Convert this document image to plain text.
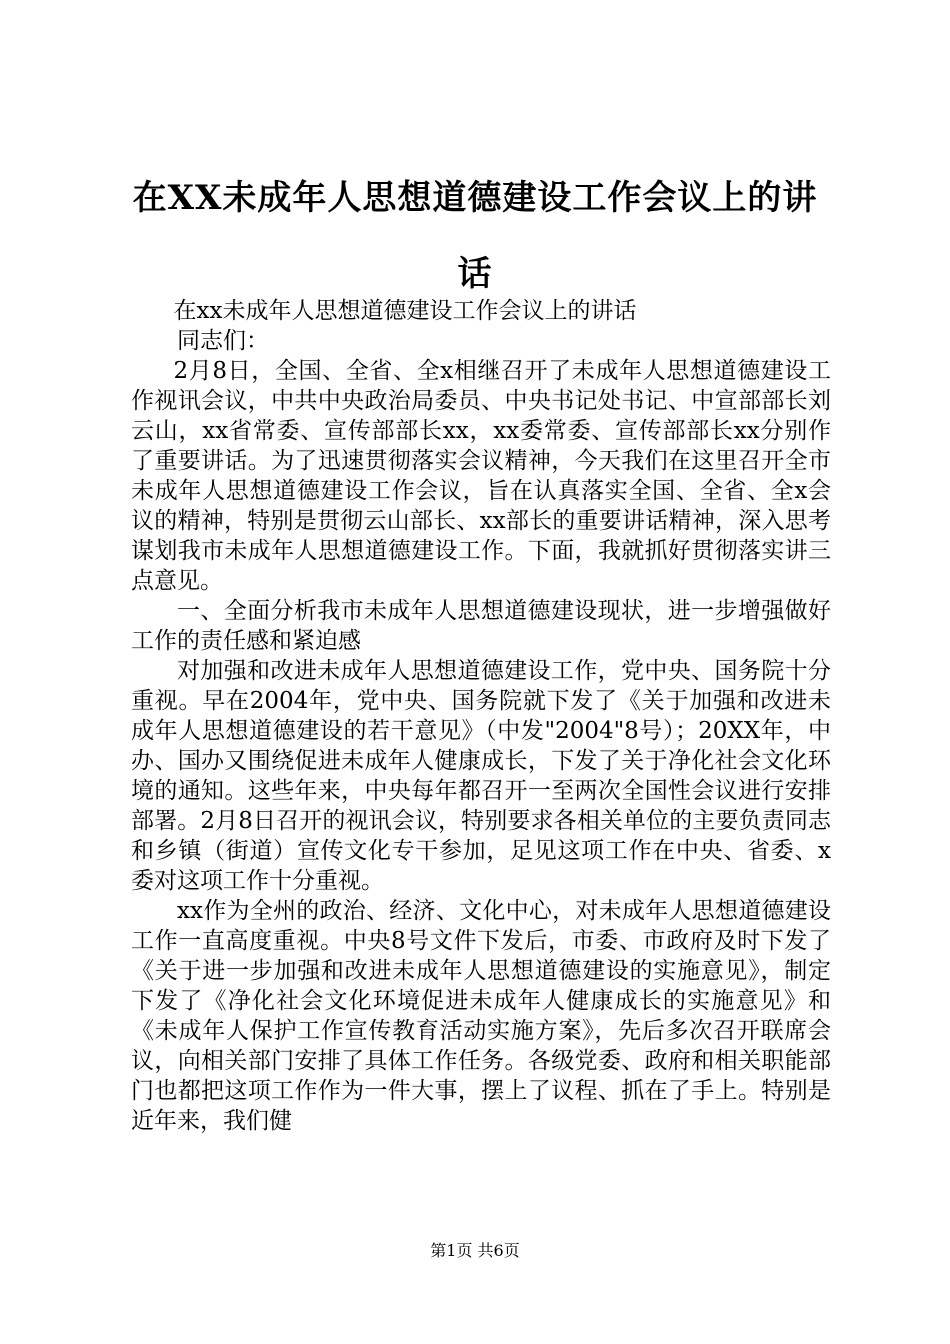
在XX未成年人思想道德建设工作会议上的讲话

在xx未成年人思想道德建设工作会议上的讲话

同志们：

2月8日，全国、全省、全x相继召开了未成年人思想道德建设工作视讯会议，中共中央政治局委员、中央书记处书记、中宣部部长刘云山，xx省常委、宣传部部长xx，xx委常委、宣传部部长xx分别作了重要讲话。为了迅速贯彻落实会议精神，今天我们在这里召开全市未成年人思想道德建设工作会议，旨在认真落实全国、全省、全x会议的精神，特别是贯彻云山部长、xx部长的重要讲话精神，深入思考谋划我市未成年人思想道德建设工作。下面，我就抓好贯彻落实讲三点意见。

一、全面分析我市未成年人思想道德建设现状，进一步增强做好工作的责任感和紧迫感

对加强和改进未成年人思想道德建设工作，党中央、国务院十分重视。早在2004年，党中央、国务院就下发了《关于加强和改进未成年人思想道德建设的若干意见》（中发"2004"8号）；20XX年，中办、国办又围绕促进未成年人健康成长，下发了关于净化社会文化环境的通知。这些年来，中央每年都召开一至两次全国性会议进行安排部署。2月8日召开的视讯会议，特别要求各相关单位的主要负责同志和乡镇（街道）宣传文化专干参加，足见这项工作在中央、省委、x委对这项工作十分重视。

xx作为全州的政治、经济、文化中心，对未成年人思想道德建设工作一直高度重视。中央8号文件下发后，市委、市政府及时下发了《关于进一步加强和改进未成年人思想道德建设的实施意见》，制定下发了《净化社会文化环境促进未成年人健康成长的实施意见》和《未成年人保护工作宣传教育活动实施方案》，先后多次召开联席会议，向相关部门安排了具体工作任务。各级党委、政府和相关职能部门也都把这项工作作为一件大事，摆上了议程、抓在了手上。特别是近年来，我们健

第1页 共6页
